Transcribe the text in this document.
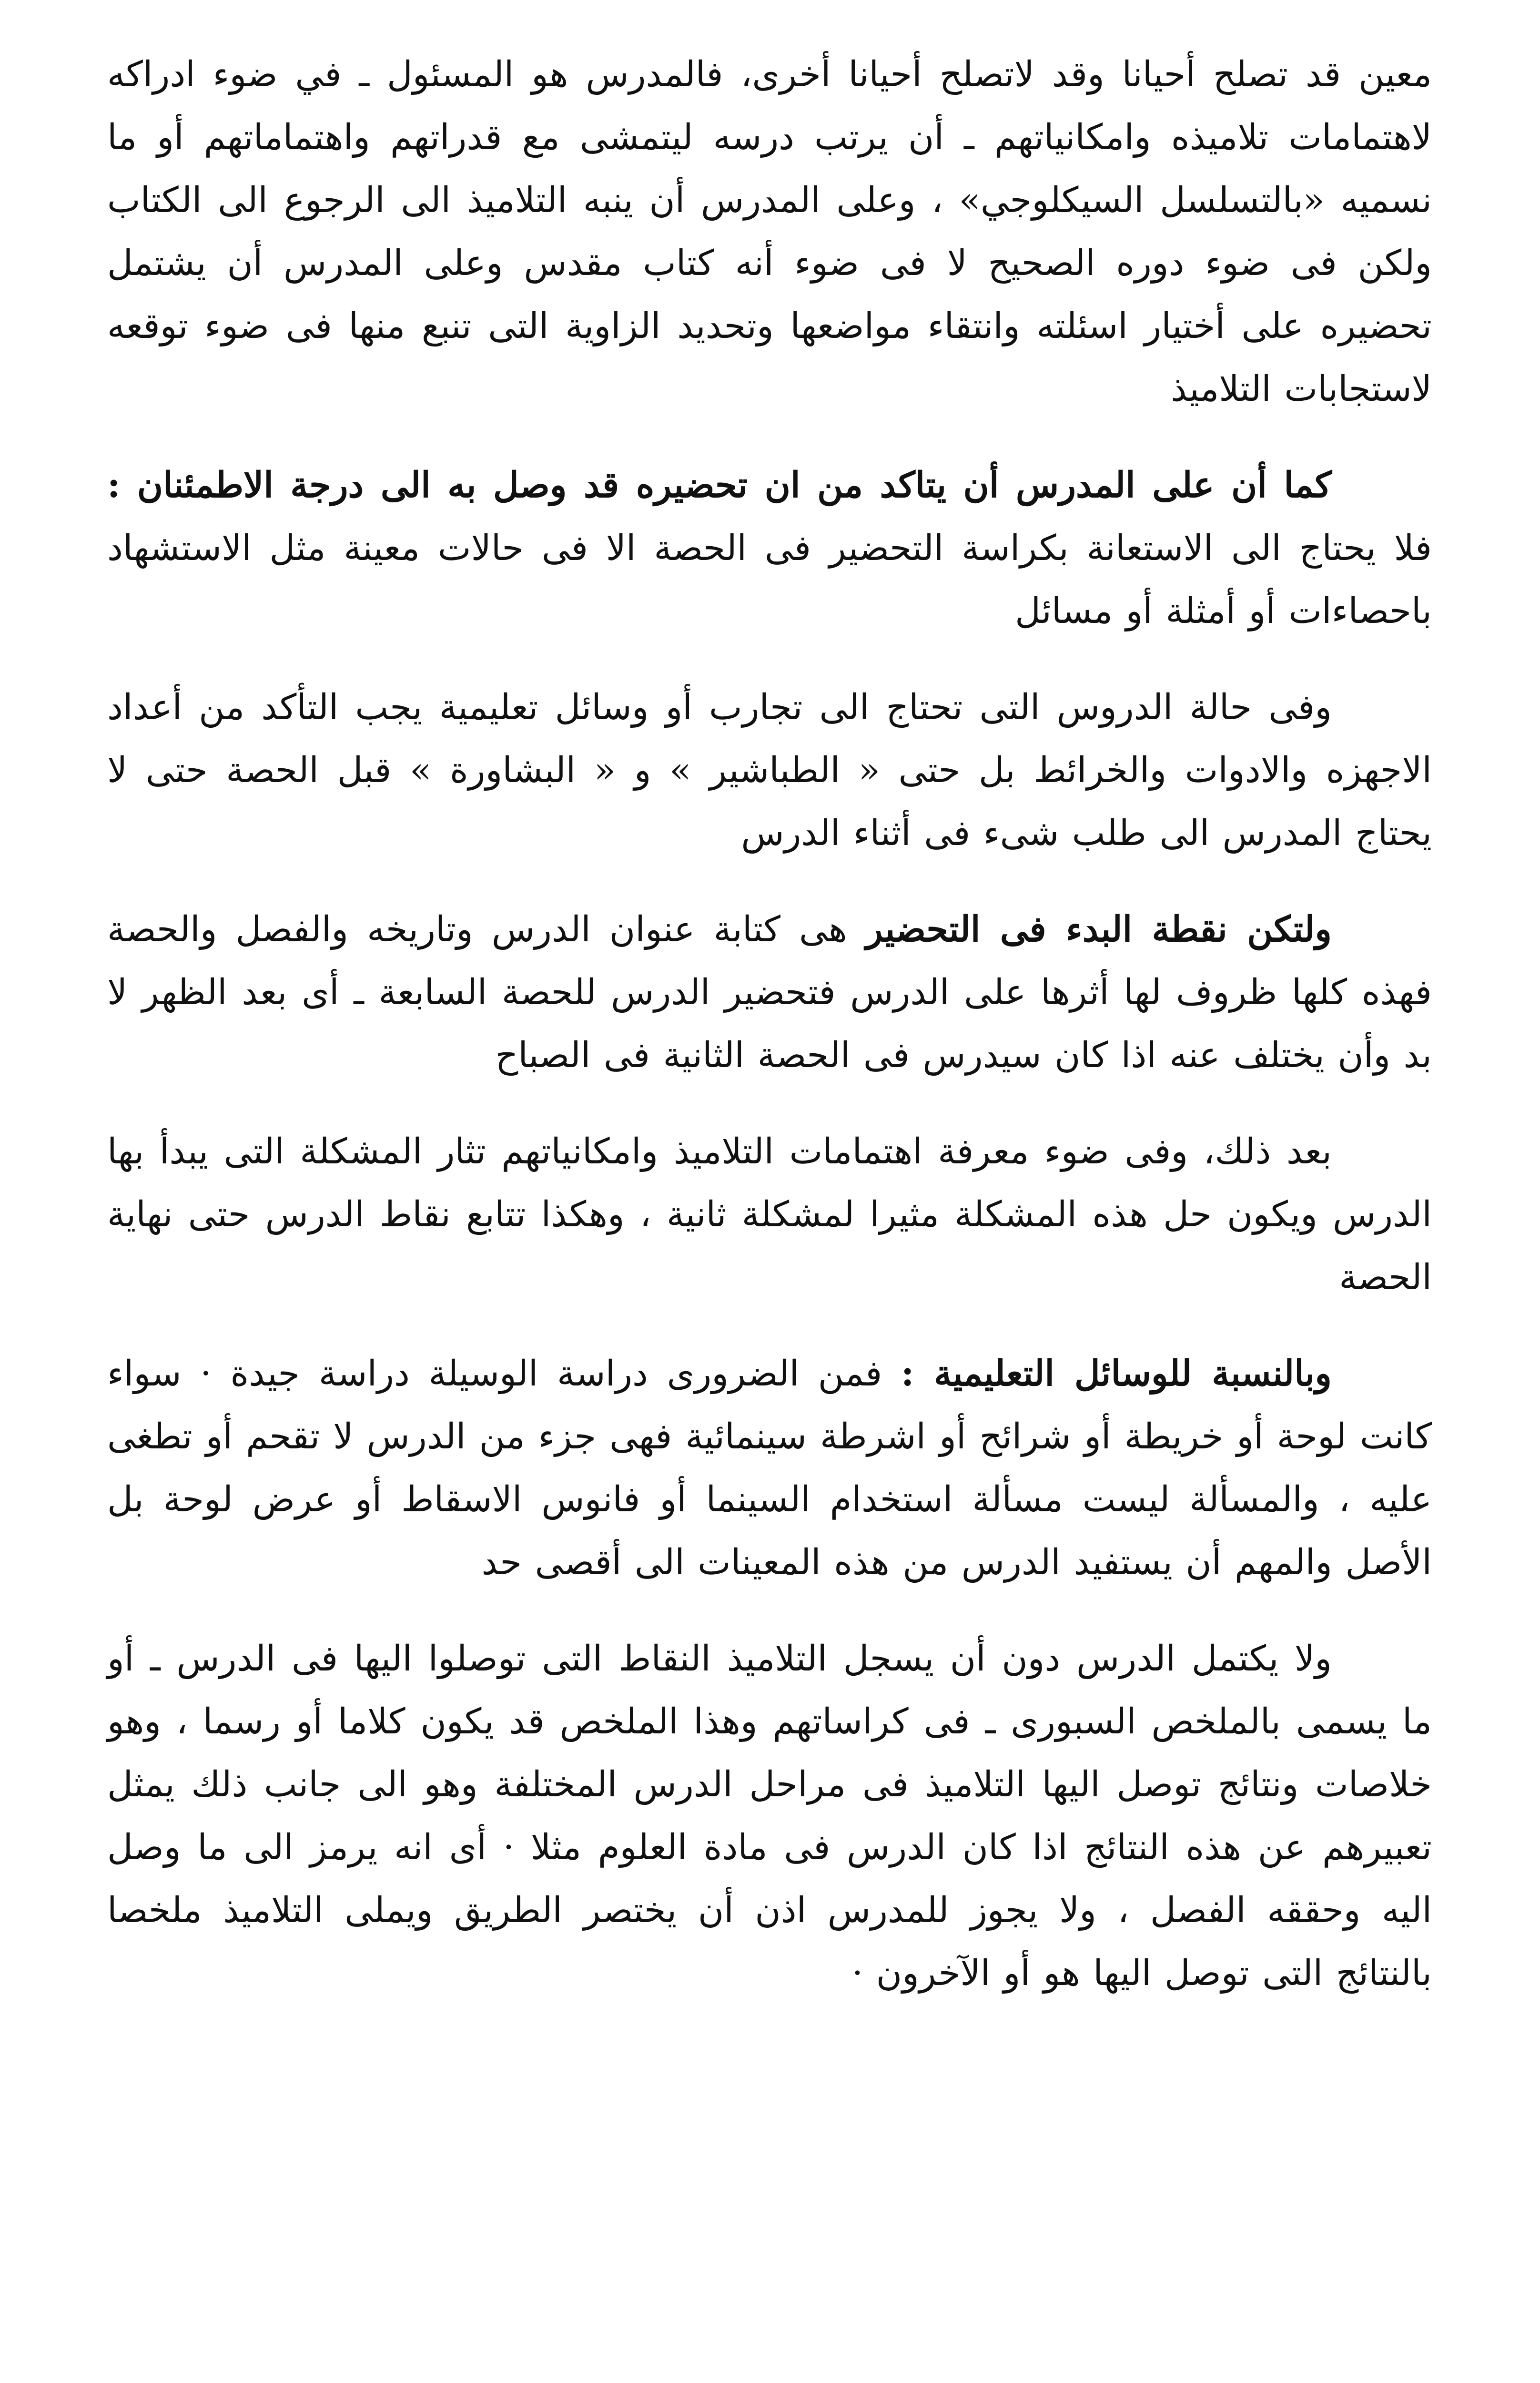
معين قد تصلح أحيانا وقد لاتصلح أحيانا أخرى، فالمدرس هو المسئول ـ في ضوء ادراكه لاهتمامات تلاميذه وامكانياتهم ـ أن يرتب درسه ليتمشى مع قدراتهم واهتماماتهم أو ما نسميه «بالتسلسل السيكلوجي» ، وعلى المدرس أن ينبه التلاميذ الى الرجوع الى الكتاب ولكن فى ضوء دوره الصحيح لا فى ضوء أنه كتاب مقدس وعلى المدرس أن يشتمل تحضيره على أختيار اسئلته وانتقاء مواضعها وتحديد الزاوية التى تنبع منها فى ضوء توقعه لاستجابات التلاميذ

كما أن على المدرس أن يتاكد من ان تحضيره قد وصل به الى درجة الاطمئنان : فلا يحتاج الى الاستعانة بكراسة التحضير فى الحصة الا فى حالات معينة مثل الاستشهاد باحصاءات أو أمثلة أو مسائل

وفى حالة الدروس التى تحتاج الى تجارب أو وسائل تعليمية يجب التأكد من أعداد الاجهزه والادوات والخرائط بل حتى « الطباشير » و « البشاورة » قبل الحصة حتى لا يحتاج المدرس الى طلب شىء فى أثناء الدرس

ولتكن نقطة البدء فى التحضير هى كتابة عنوان الدرس وتاريخه والفصل والحصة فهذه كلها ظروف لها أثرها على الدرس فتحضير الدرس للحصة السابعة ـ أى بعد الظهر لا بد وأن يختلف عنه اذا كان سيدرس فى الحصة الثانية فى الصباح

بعد ذلك، وفى ضوء معرفة اهتمامات التلاميذ وامكانياتهم تثار المشكلة التى يبدأ بها الدرس ويكون حل هذه المشكلة مثيرا لمشكلة ثانية ، وهكذا تتابع نقاط الدرس حتى نهاية الحصة

وبالنسبة للوسائل التعليمية : فمن الضرورى دراسة الوسيلة دراسة جيدة · سواء كانت لوحة أو خريطة أو شرائح أو اشرطة سينمائية فهى جزء من الدرس لا تقحم أو تطغى عليه ، والمسألة ليست مسألة استخدام السينما أو فانوس الاسقاط أو عرض لوحة بل الأصل والمهم أن يستفيد الدرس من هذه المعينات الى أقصى حد

ولا يكتمل الدرس دون أن يسجل التلاميذ النقاط التى توصلوا اليها فى الدرس ـ أو ما يسمى بالملخص السبورى ـ فى كراساتهم وهذا الملخص قد يكون كلاما أو رسما ، وهو خلاصات ونتائج توصل اليها التلاميذ فى مراحل الدرس المختلفة وهو الى جانب ذلك يمثل تعبيرهم عن هذه النتائج اذا كان الدرس فى مادة العلوم مثلا · أى انه يرمز الى ما وصل اليه وحققه الفصل ، ولا يجوز للمدرس اذن أن يختصر الطريق ويملى التلاميذ ملخصا بالنتائج التى توصل اليها هو أو الآخرون ·
